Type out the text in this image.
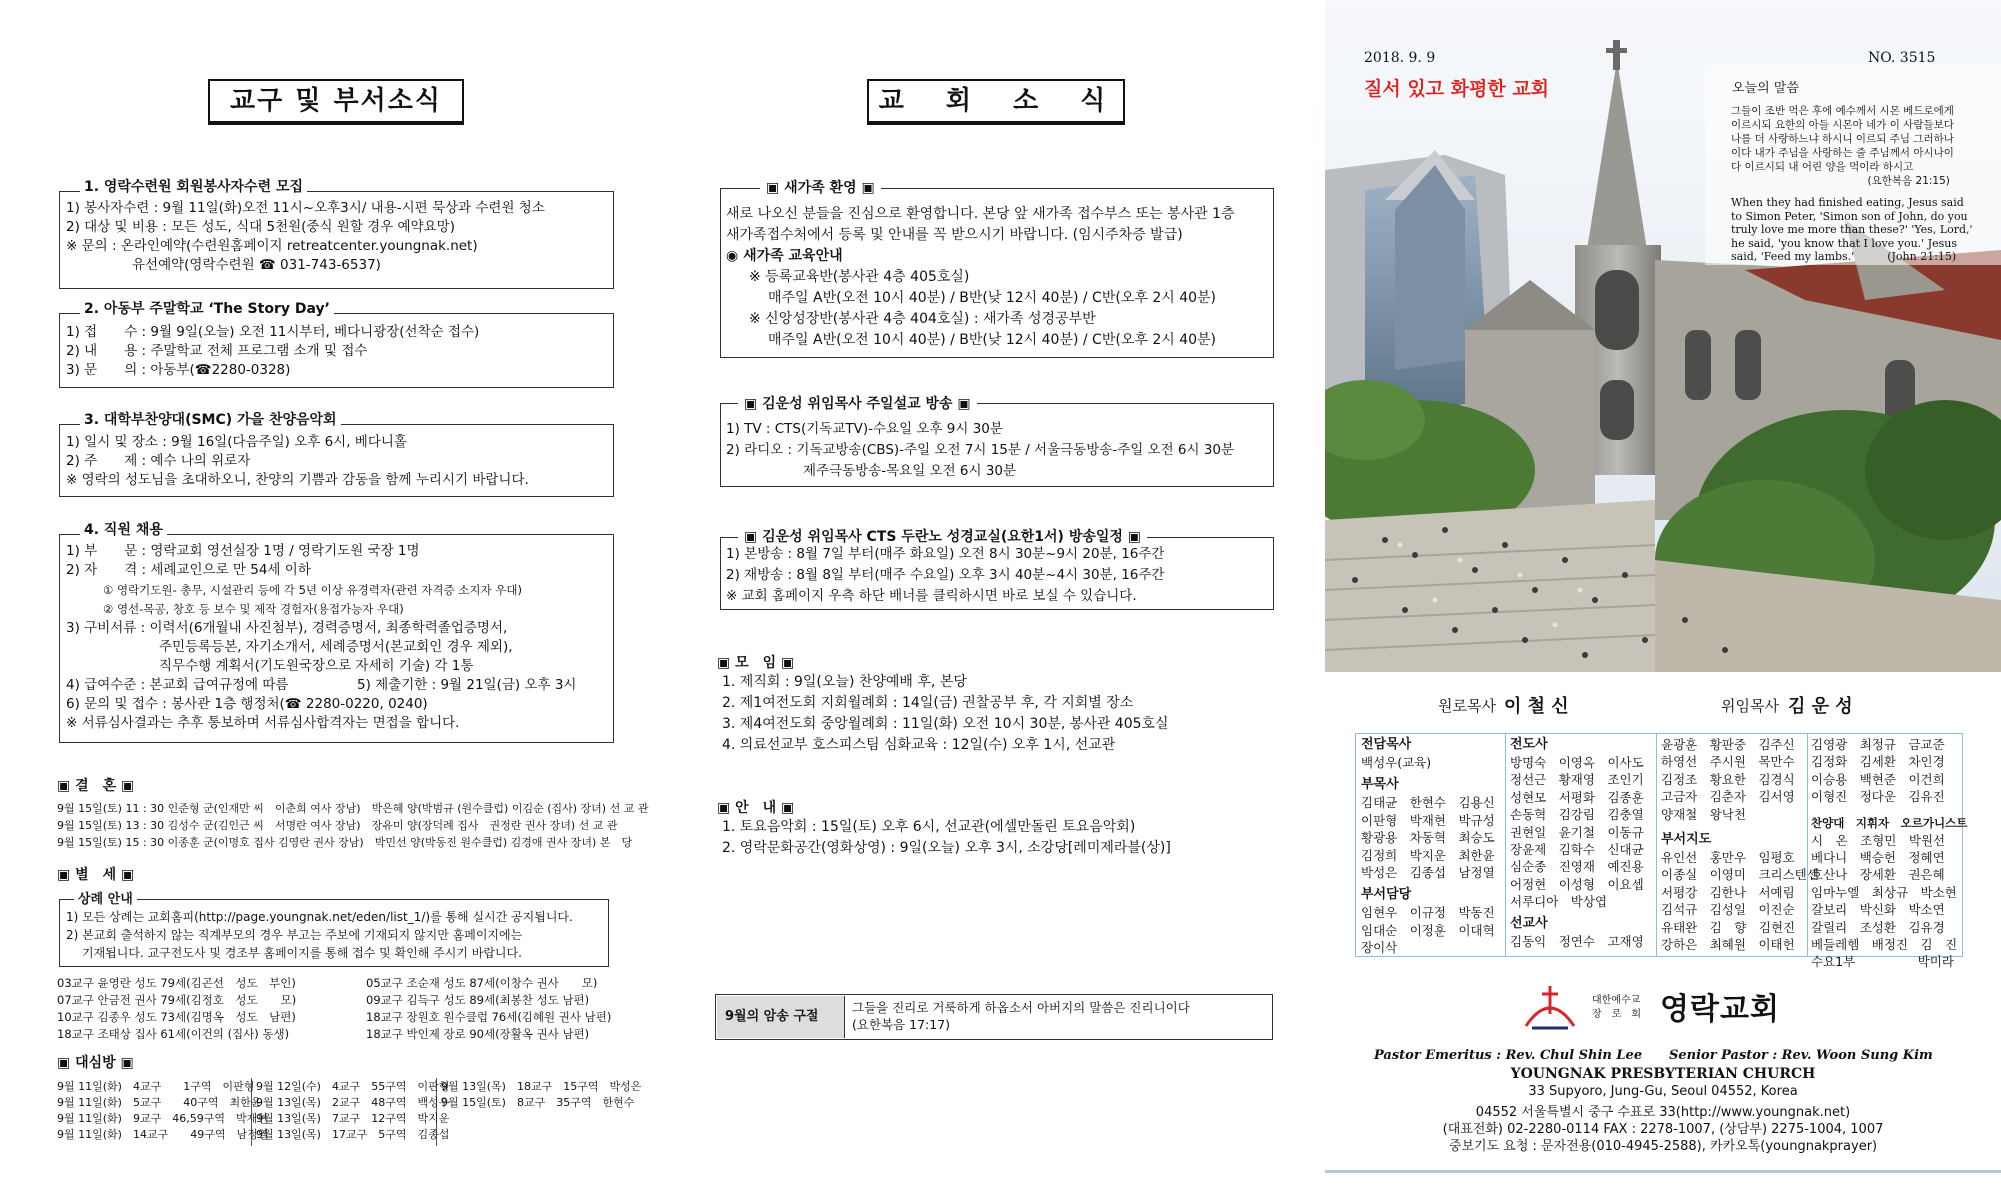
교구 및 부서소식
1. 영락수련원 회원봉사자수련 모집
1) 봉사자수련 : 9월 11일(화)오전 11시~오후3시/ 내용-시편 묵상과 수련원 청소
2) 대상 및 비용 : 모든 성도, 식대 5천원(중식 원할 경우 예약요망)
※ 문의 : 온라인예약(수련원홈페이지 retreatcenter.youngnak.net)
유선예약(영락수련원 ☎ 031-743-6537)
2. 아동부 주말학교 ‘The Story Day’
1) 접　　수 : 9월 9일(오늘) 오전 11시부터, 베다니광장(선착순 접수)
2) 내　　용 : 주말학교 전체 프로그램 소개 및 접수
3) 문　　의 : 아동부(☎2280-0328)
3. 대학부찬양대(SMC) 가을 찬양음악회
1) 일시 및 장소 : 9월 16일(다음주일) 오후 6시, 베다니홀
2) 주　　제 : 예수 나의 위로자
※ 영락의 성도님을 초대하오니, 찬양의 기쁨과 감동을 함께 누리시기 바랍니다.
4. 직원 채용
1) 부　　문 : 영락교회 영선실장 1명 / 영락기도원 국장 1명
2) 자　　격 : 세례교인으로 만 54세 이하
① 영락기도원- 총무, 시설관리 등에 각 5년 이상 유경력자(관련 자격증 소지자 우대)
② 영선-목공, 창호 등 보수 및 제작 경험자(용접가능자 우대)
3) 구비서류 : 이력서(6개월내 사진첨부), 경력증명서, 최종학력졸업증명서,
주민등록등본, 자기소개서, 세례증명서(본교회인 경우 제외),
직무수행 계획서(기도원국장으로 자세히 기술) 각 1통
4) 급여수준 : 본교회 급여규정에 따름	5) 제출기한 : 9월 21일(금) 오후 3시
6) 문의 및 접수 : 봉사관 1층 행정처(☎ 2280-0220, 0240)
※ 서류심사결과는 추후 통보하며 서류심사합격자는 면접을 합니다.
▣ 결　혼 ▣
9월 15일(토) 11 : 30 인준형 군(인재만 씨　이춘희 여사 장남)　박은혜 양(박범규 (원수클럽) 이김순 (집사) 장녀) 선 교 관
9월 15일(토) 13 : 30 김성수 군(김인근 씨　서명란 여사 장남)　장유미 양(장덕례 집사　권정란 권사 장녀) 선 교 관
9월 15일(토) 15 : 30 이종훈 군(이명호 집사 김영란 권사 장남)　박민선 양(박동진 원수클럽) 김경애 권사 장녀) 본　당
▣ 별　세 ▣
상례 안내
1) 모든 상례는 교회홈피(http://page.youngnak.net/eden/list_1/)를 통해 실시간 공지됩니다.
2) 본교회 출석하지 않는 직계부모의 경우 부고는 주보에 기재되지 않지만 홈페이지에는
기재됩니다. 교구전도사 및 경조부 홈페이지를 통해 접수 및 확인해 주시기 바랍니다.
03교구 윤영란 성도 79세(김곤선　성도　부인)
07교구 안금전 권사 79세(김정호　성도　　모)
10교구 김종우 성도 73세(김명옥　성도　남편)
18교구 조태상 집사 61세(이건의 (집사) 동생)
05교구 조순재 성도 87세(이창수 권사　　모)
09교구 김득구 성도 89세(최봉찬 성도 남편)
18교구 장원호 원수클럽 76세(김혜원 권사 남편)
18교구 박인제 장로 90세(장활옥 권사 남편)
▣ 대심방 ▣
9월 11일(화)　4교구　　1구역　이판형
9월 11일(화)　5교구　　40구역　최한윤
9월 11일(화)　9교구　46,59구역　박재현
9월 11일(화)　14교구　　49구역　남정열
9월 12일(수)　4교구　55구역　이판형
9월 13일(목)　2교구　48구역　백성우
9월 13일(목)　7교구　12구역　박지운
9월 13일(목)　17교구　5구역　김종섭
9월 13일(목)　18교구　15구역　박성은
9월 15일(토)　8교구　35구역　한현수
교　회　소　식
▣ 새가족 환영 ▣
새로 나오신 분들을 진심으로 환영합니다. 본당 앞 새가족 접수부스 또는 봉사관 1층
새가족접수처에서 등록 및 안내를 꼭 받으시기 바랍니다. (임시주차증 발급)
◉ 새가족 교육안내
※ 등록교육반(봉사관 4층 405호실)
매주일 A반(오전 10시 40분) / B반(낮 12시 40분) / C반(오후 2시 40분)
※ 신앙성장반(봉사관 4층 404호실) : 새가족 성경공부반
매주일 A반(오전 10시 40분) / B반(낮 12시 40분) / C반(오후 2시 40분)
▣ 김운성 위임목사 주일설교 방송 ▣
1) TV : CTS(기독교TV)-수요일 오후 9시 30분
2) 라디오 : 기독교방송(CBS)-주일 오전 7시 15분 / 서울극동방송-주일 오전 6시 30분
제주극동방송-목요일 오전 6시 30분
▣ 김운성 위임목사 CTS 두란노 성경교실(요한1서) 방송일정 ▣
1) 본방송 : 8월 7일 부터(매주 화요일) 오전 8시 30분~9시 20분, 16주간
2) 재방송 : 8월 8일 부터(매주 수요일) 오후 3시 40분~4시 30분, 16주간
※ 교회 홈페이지 우측 하단 배너를 클릭하시면 바로 보실 수 있습니다.
▣ 모　임 ▣
1. 제직회 : 9일(오늘) 찬양예배 후, 본당
2. 제1여전도회 지회월례회 : 14일(금) 권찰공부 후, 각 지회별 장소
3. 제4여전도회 중앙월례회 : 11일(화) 오전 10시 30분, 봉사관 405호실
4. 의료선교부 호스피스팀 심화교육 : 12일(수) 오후 1시, 선교관
▣ 안　내 ▣
1. 토요음악회 : 15일(토) 오후 6시, 선교관(에셀만돌린 토요음악회)
2. 영락문화공간(영화상영) : 9일(오늘) 오후 3시, 소강당[레미제라블(상)]
9월의 암송 구절
그들을 진리로 거룩하게 하옵소서 아버지의 말씀은 진리니이다
(요한복음 17:17)
2018. 9. 9	NO. 3515
질서 있고 화평한 교회	오늘의 말씀
그들이 조반 먹은 후에 예수께서 시몬 베드로에게
이르시되 요한의 아들 시몬아 네가 이 사람들보다
나를 더 사랑하느냐 하시니 이르되 주님 그러하나
이다 내가 주님을 사랑하는 줄 주님께서 아시나이
다 이르시되 내 어린 양을 먹이라 하시고
(요한복음 21:15)
When they had finished eating, Jesus said
to Simon Peter, 'Simon son of John, do you
truly love me more than these?' 'Yes, Lord,'
he said, 'you know that I love you.' Jesus
said, 'Feed my lambs.'　　　	(John 21:15)
원로목사 이 철 신	위임목사 김 운 성
전담목사
백성우(교육)
부목사
김태균　한현수　김용신
이판형　박재현　박규성
황광용　차동혁　최승도
김정희　박지운　최한윤
박성은　김종섭　남정열
부서담당
임현우　이규정　박동진
임대순　이정훈　이대혁
장이삭
전도사
방명숙　이영옥　이사도
정선근　황재영　조인기
성현모　서평화　김종훈
손동혁　김강림　김충열
권현일　윤기철　이동규
장윤제　김학수　신대균
심순종　진영재　예진용
어정현　이성형　이요셉
서루디아　박상엽
선교사
김동익　정연수　고재영
윤광훈　황판중　김주신
하영선　주시원　목만수
김정조　황요한　김경식
고금자　김춘자　김서영
양재철　왕낙천
부서지도
유인선　홍만우　임평호
이종실　이영미　크리스텐센
서평강　김한나　서예림
김석규　김성일　이진순
유태완　김　향　김현진
강하은　최혜원　이태헌
김영광　최정규　금교준
김정화　김세환　차인경
이승용　백현준　이건희
이형진　정다운　김유진
찬양대　지휘자　오르가니스트
시　온　조형민　박원선
베다니　백승헌　정혜연
호산나　장세환　권은혜
임마누엘　최상규　박소현
갈보리　박신화　박소연
갈릴리　조성환　김유경
베들레헴　배정진　김　진
수요1부　　　　　박미라
대한예수교
장　로　회 영락교회
Pastor Emeritus : Rev. Chul Shin Lee Senior Pastor : Rev. Woon Sung Kim
YOUNGNAK PRESBYTERIAN CHURCH
33 Supyoro, Jung-Gu, Seoul 04552, Korea
04552 서울특별시 중구 수표로 33(http://www.youngnak.net)
(대표전화) 02-2280-0114 FAX : 2278-1007, (상담부) 2275-1004, 1007
중보기도 요청 : 문자전용(010-4945-2588), 카카오톡(youngnakprayer)
